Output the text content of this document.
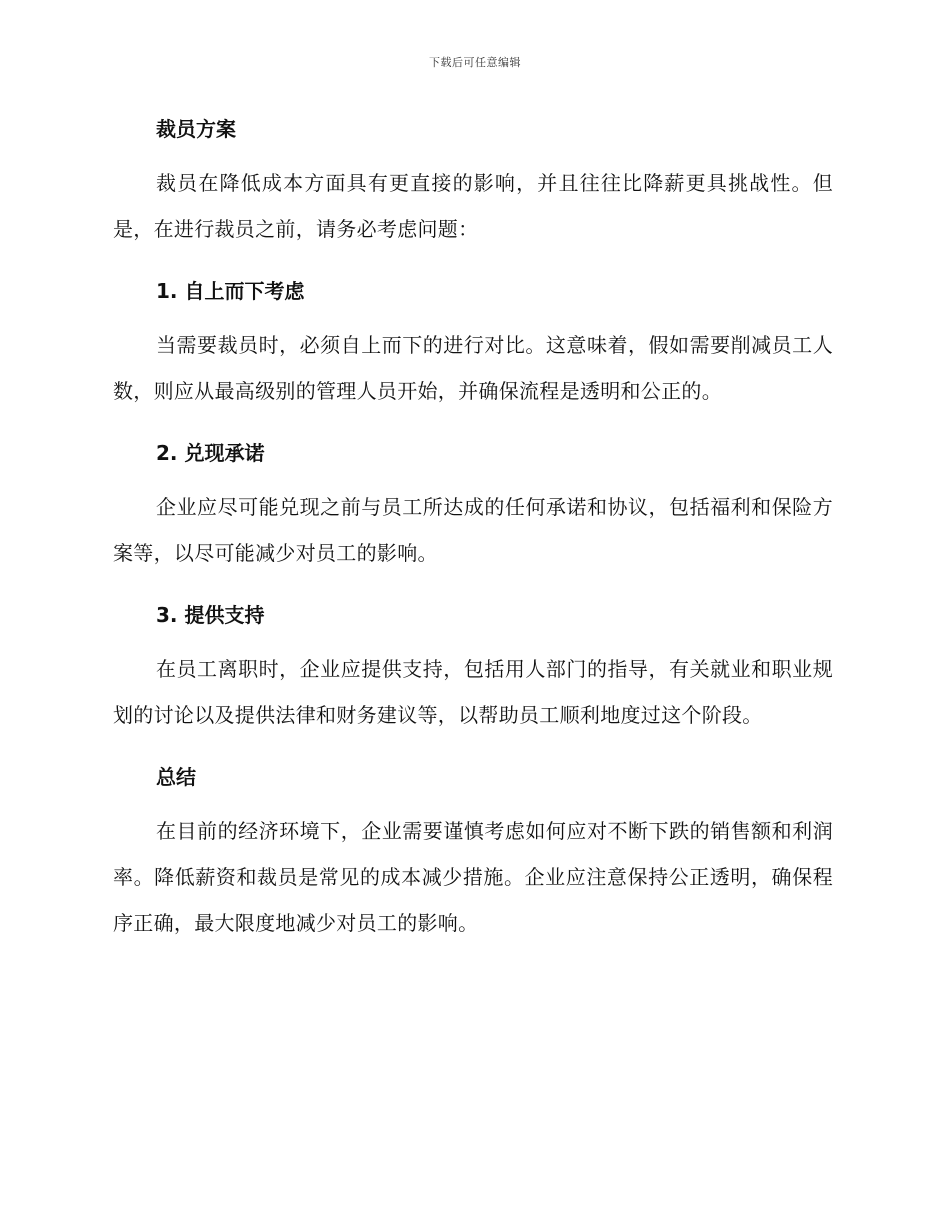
下载后可任意编辑

裁员方案

裁员在降低成本方面具有更直接的影响，并且往往比降薪更具挑战性。但是，在进行裁员之前，请务必考虑问题：

1. 自上而下考虑

当需要裁员时，必须自上而下的进行对比。这意味着，假如需要削减员工人数，则应从最高级别的管理人员开始，并确保流程是透明和公正的。

2. 兑现承诺

企业应尽可能兑现之前与员工所达成的任何承诺和协议，包括福利和保险方案等，以尽可能减少对员工的影响。

3. 提供支持

在员工离职时，企业应提供支持，包括用人部门的指导，有关就业和职业规划的讨论以及提供法律和财务建议等，以帮助员工顺利地度过这个阶段。

总结

在目前的经济环境下，企业需要谨慎考虑如何应对不断下跌的销售额和利润率。降低薪资和裁员是常见的成本减少措施。企业应注意保持公正透明，确保程序正确，最大限度地减少对员工的影响。
